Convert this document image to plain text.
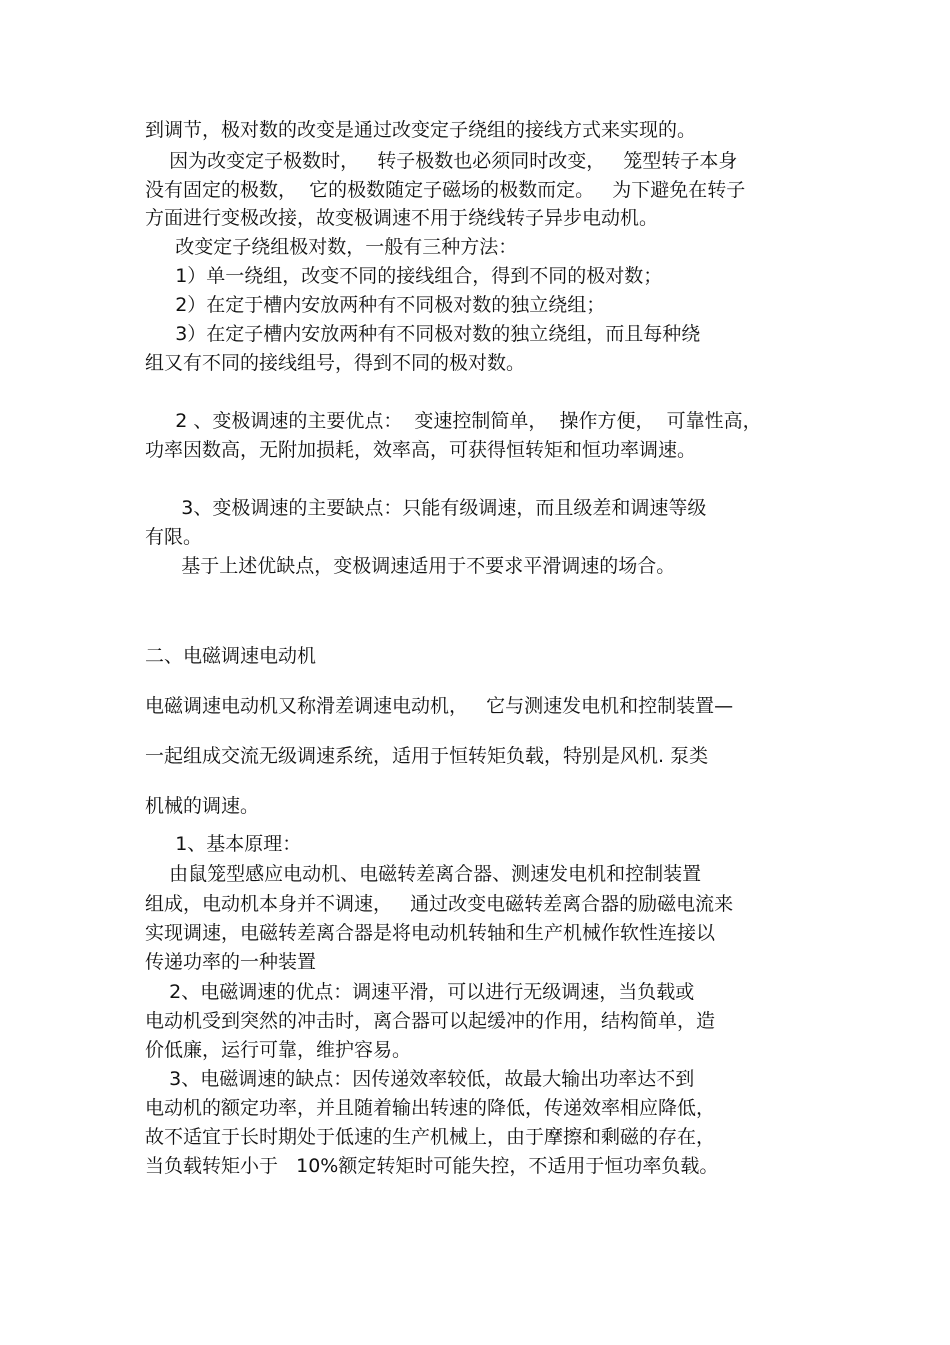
到调节，极对数的改变是通过改变定子绕组的接线方式来实现的。
因为改变定子极数时，   转子极数也必须同时改变，   笼型转子本身
没有固定的极数，  它的极数随定子磁场的极数而定。   为下避免在转子
方面进行变极改接，故变极调速不用于绕线转子异步电动机。
改变定子绕组极对数，一般有三种方法：
1）单一绕组，改变不同的接线组合，得到不同的极对数；
2）在定于槽内安放两种有不同极对数的独立绕组；
3）在定子槽内安放两种有不同极对数的独立绕组，而且每种绕
组又有不同的接线组号，得到不同的极对数。
2 、变极调速的主要优点：  变速控制简单，  操作方便，  可靠性高，
功率因数高，无附加损耗，效率高，可获得恒转矩和恒功率调速。
3、变极调速的主要缺点：只能有级调速，而且级差和调速等级
有限。
基于上述优缺点，变极调速适用于不要求平滑调速的场合。
二、电磁调速电动机
电磁调速电动机又称滑差调速电动机，   它与测速发电机和控制装置—
一起组成交流无级调速系统，适用于恒转矩负载，特别是风机. 泵类
机械的调速。
1、基本原理：
由鼠笼型感应电动机、电磁转差离合器、测速发电机和控制装置
组成，电动机本身并不调速，   通过改变电磁转差离合器的励磁电流来
实现调速，电磁转差离合器是将电动机转轴和生产机械作软性连接以
传递功率的一种装置
2、电磁调速的优点：调速平滑，可以进行无级调速，当负载或
电动机受到突然的冲击时，离合器可以起缓冲的作用，结构简单，造
价低廉，运行可靠，维护容易。
3、电磁调速的缺点：因传递效率较低，故最大输出功率达不到
电动机的额定功率，并且随着输出转速的降低，传递效率相应降低，
故不适宜于长时期处于低速的生产机械上，由于摩擦和剩磁的存在，
当负载转矩小于   10%额定转矩时可能失控，不适用于恒功率负载。
